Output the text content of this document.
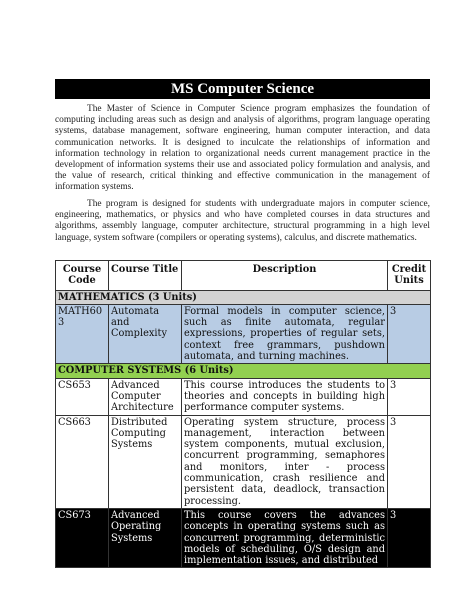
MS Computer Science

The Master of Science in Computer Science program emphasizes the foundation of computing including areas such as design and analysis of algorithms, program language operating systems, database management, software engineering, human computer interaction, and data communication networks. It is designed to inculcate the relationships of information and information technology in relation to organizational needs current management practice in the development of information systems their use and associated policy formulation and analysis, and the value of research, critical thinking and effective communication in the management of information systems.

The program is designed for students with undergraduate majors in computer science, engineering, mathematics, or physics and who have completed courses in data structures and algorithms, assembly language, computer architecture, structural programming in a high level language, system software (compilers or operating systems), calculus, and discrete mathematics.

Course Code	Course Title	Description	Credit Units
MATHEMATICS (3 Units)			
MATH603	Automata and Complexity	Formal models in computer science, such as finite automata, regular expressions, properties of regular sets, context free grammars, pushdown automata, and turning machines.	3
COMPUTER SYSTEMS (6 Units)			
CS653	Advanced Computer Architecture	This course introduces the students to theories and concepts in building high performance computer systems.	3
CS663	Distributed Computing Systems	Operating system structure, process management, interaction between system components, mutual exclusion, concurrent programming, semaphores and monitors, inter - process communication, crash resilience and persistent data, deadlock, transaction processing.	3
CS673	Advanced Operating Systems	This course covers the advances concepts in operating systems such as concurrent programming, deterministic models of scheduling, O/S design and implementation issues, and distributed	3
